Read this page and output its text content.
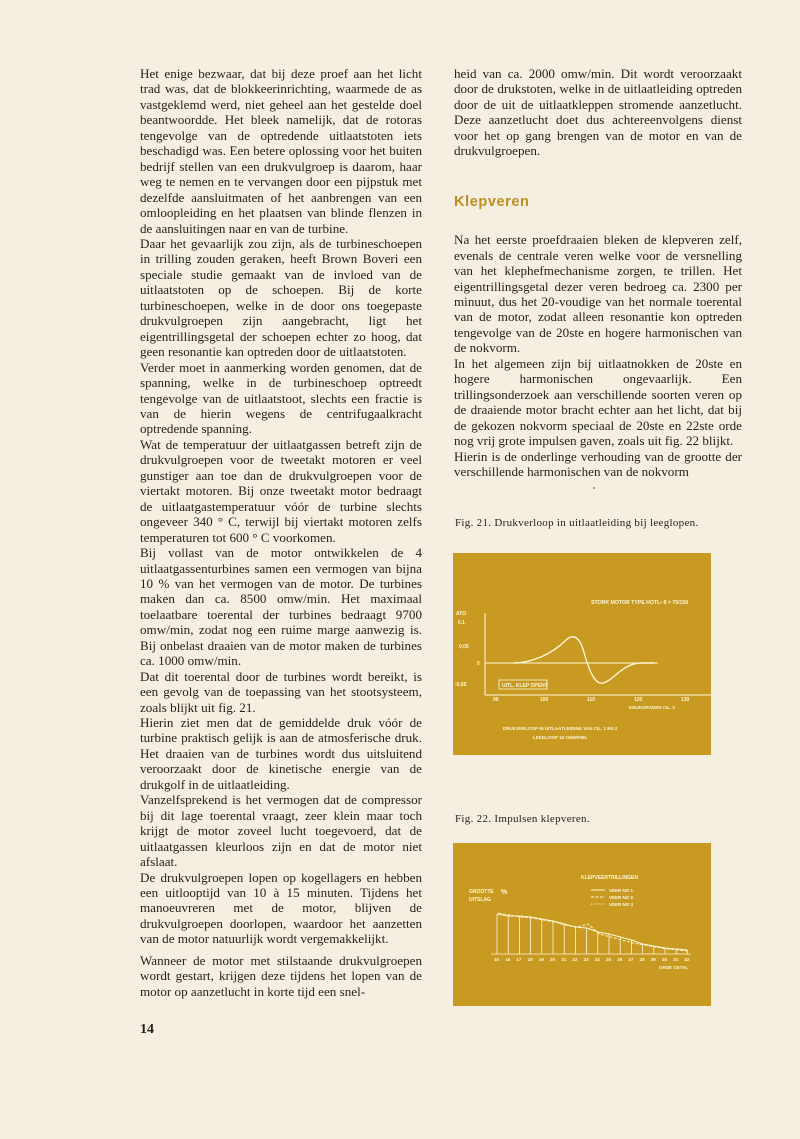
Het enige bezwaar, dat bij deze proef aan het licht trad was, dat de blokkeerinrichting, waarmede de as vastgeklemd werd, niet geheel aan het gestelde doel beantwoordde. Het bleek namelijk, dat de rotoras tengevolge van de optredende uitlaatstoten iets beschadigd was. Een betere oplossing voor het buiten bedrijf stellen van een drukvulgroep is daarom, haar weg te nemen en te vervangen door een pijpstuk met dezelfde aansluitmaten of het aanbrengen van een omloopleiding en het plaatsen van blinde flenzen in de aansluitingen naar en van de turbine.

Daar het gevaarlijk zou zijn, als de turbineschoepen in trilling zouden geraken, heeft Brown Boveri een speciale studie gemaakt van de invloed van de uitlaatstoten op de schoepen. Bij de korte turbineschoepen, welke in de door ons toegepaste drukvulgroepen zijn aangebracht, ligt het eigentrillingsgetal der schoepen echter zo hoog, dat geen resonantie kan optreden door de uitlaatstoten.

Verder moet in aanmerking worden genomen, dat de spanning, welke in de turbineschoep optreedt tengevolge van de uitlaatstoot, slechts een fractie is van de hierin wegens de centrifugaalkracht optredende spanning.

Wat de temperatuur der uitlaatgassen betreft zijn de drukvulgroepen voor de tweetakt motoren er veel gunstiger aan toe dan de drukvulgroepen voor de viertakt motoren. Bij onze tweetakt motor bedraagt de uitlaatgastemperatuur vóór de turbine slechts ongeveer 340 ° C, terwijl bij viertakt motoren zelfs temperaturen tot 600 ° C voorkomen.

Bij vollast van de motor ontwikkelen de 4 uitlaatgassenturbines samen een vermogen van bijna 10 % van het vermogen van de motor. De turbines maken dan ca. 8500 omw/min. Het maximaal toelaatbare toerental der turbines bedraagt 9700 omw/min, zodat nog een ruime marge aanwezig is. Bij onbelast draaien van de motor maken de turbines ca. 1000 omw/min.

Dat dit toerental door de turbines wordt bereikt, is een gevolg van de toepassing van het stootsysteem, zoals blijkt uit fig. 21.

Hierin ziet men dat de gemiddelde druk vóór de turbine praktisch gelijk is aan de atmosferische druk. Het draaien van de turbines wordt dus uitsluitend veroorzaakt door de kinetische energie van de drukgolf in de uitlaatleiding.

Vanzelfsprekend is het vermogen dat de compressor bij dit lage toerental vraagt, zeer klein maar toch krijgt de motor zoveel lucht toegevoerd, dat de uitlaatgassen kleurloos zijn en dat de motor niet afslaat.

De drukvulgroepen lopen op kogellagers en hebben een uitlooptijd van 10 à 15 minuten. Tijdens het manoeuvreren met de motor, blijven de drukvulgroepen doorlopen, waardoor het aanzetten van de motor natuurlijk wordt vergemakkelijkt.

Wanneer de motor met stilstaande drukvulgroepen wordt gestart, krijgen deze tijdens het lopen van de motor op aanzetlucht in korte tijd een snel-

heid van ca. 2000 omw/min. Dit wordt veroorzaakt door de drukstoten, welke in de uitlaatleiding optreden door de uit de uitlaatkleppen stromende aanzetlucht. Deze aanzetlucht doet dus achtereenvolgens dienst voor het op gang brengen van de motor en van de drukvulgroepen.

Klepveren

Na het eerste proefdraaien bleken de klepveren zelf, evenals de centrale veren welke voor de versnelling van het klephefmechanisme zorgen, te trillen. Het eigentrillingsgetal dezer veren bedroeg ca. 2300 per minuut, dus het 20-voudige van het normale toerental van de motor, zodat alleen resonantie kon optreden tengevolge van de 20ste en hogere harmonischen van de nokvorm.

In het algemeen zijn bij uitlaatnokken de 20ste en hogere harmonischen ongevaarlijk. Een trillingsonderzoek aan verschillende soorten veren op de draaiende motor bracht echter aan het licht, dat bij de gekozen nokvorm speciaal de 20ste en 22ste orde nog vrij grote impulsen gaven, zoals uit fig. 22 blijkt.

Hierin is de onderlinge verhouding van de grootte der verschillende harmonischen van de nokvorm

Fig. 21. Drukverloop in uitlaatleiding bij leeglopen.
STORK MOTOR TYPE HOTL• 8 × 75/150
ATO
0,1
0,05
0
-0,05
90	100	110	120	130
KRUKGRADEN CIL. 2
UITL. KLEP OPENT
DRUKVERLOOP IN UITLAATLEIDING VAN CIL. 1 EN 2
LEEGLOOP 16 OMW/MIN.
Fig. 22. Impulsen klepveren.
KLEPVEERTRILLINGEN
GROOTTE %
UITSLAG
VEER NO 1
VEER NO 2
VEER NO 3
15 16 17 18 19 20 21 22 23 24 25 26 27 28 29 30 31 32
ORDE GETAL
14
